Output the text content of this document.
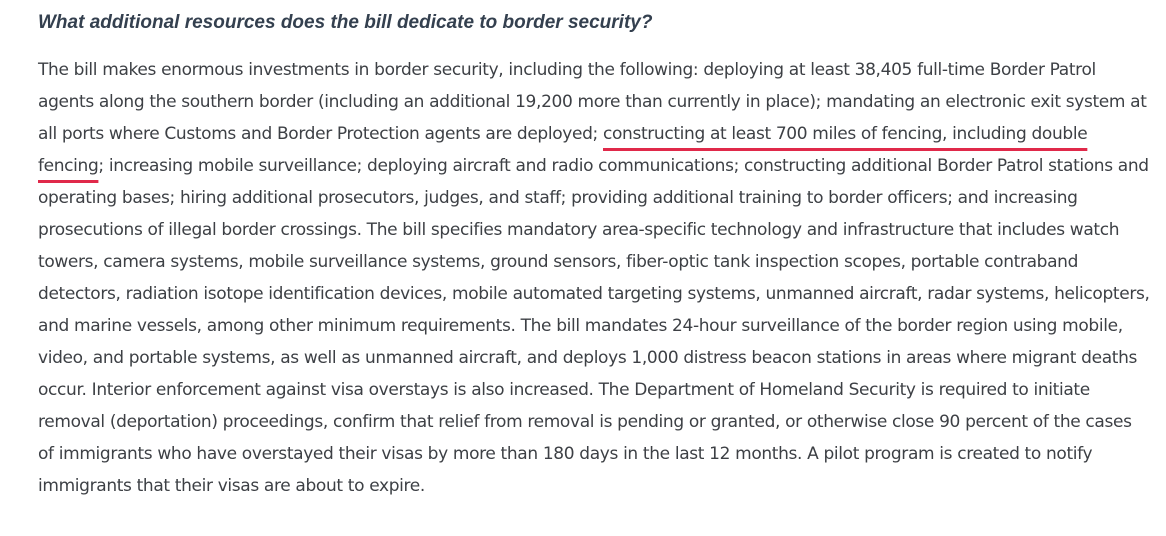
What additional resources does the bill dedicate to border security?

The bill makes enormous investments in border security, including the following: deploying at least 38,405 full-time Border Patrol agents along the southern border (including an additional 19,200 more than currently in place); mandating an electronic exit system at all ports where Customs and Border Protection agents are deployed; constructing at least 700 miles of fencing, including double fencing; increasing mobile surveillance; deploying aircraft and radio communications; constructing additional Border Patrol stations and operating bases; hiring additional prosecutors, judges, and staff; providing additional training to border officers; and increasing prosecutions of illegal border crossings. The bill specifies mandatory area-specific technology and infrastructure that includes watch towers, camera systems, mobile surveillance systems, ground sensors, fiber-optic tank inspection scopes, portable contraband detectors, radiation isotope identification devices, mobile automated targeting systems, unmanned aircraft, radar systems, helicopters, and marine vessels, among other minimum requirements. The bill mandates 24-hour surveillance of the border region using mobile, video, and portable systems, as well as unmanned aircraft, and deploys 1,000 distress beacon stations in areas where migrant deaths occur. Interior enforcement against visa overstays is also increased. The Department of Homeland Security is required to initiate removal (deportation) proceedings, confirm that relief from removal is pending or granted, or otherwise close 90 percent of the cases of immigrants who have overstayed their visas by more than 180 days in the last 12 months. A pilot program is created to notify immigrants that their visas are about to expire.
